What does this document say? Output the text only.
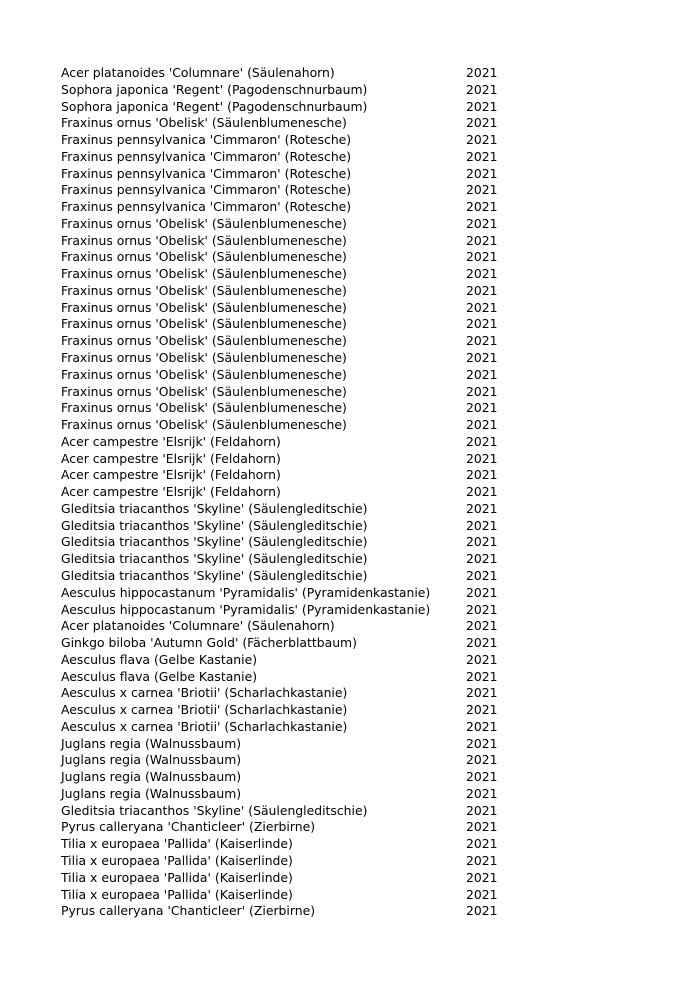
Acer platanoides 'Columnare' (Säulenahorn)	2021
Sophora japonica 'Regent' (Pagodenschnurbaum)	2021
Sophora japonica 'Regent' (Pagodenschnurbaum)	2021
Fraxinus ornus 'Obelisk' (Säulenblumenesche)	2021
Fraxinus pennsylvanica 'Cimmaron' (Rotesche)	2021
Fraxinus pennsylvanica 'Cimmaron' (Rotesche)	2021
Fraxinus pennsylvanica 'Cimmaron' (Rotesche)	2021
Fraxinus pennsylvanica 'Cimmaron' (Rotesche)	2021
Fraxinus pennsylvanica 'Cimmaron' (Rotesche)	2021
Fraxinus ornus 'Obelisk' (Säulenblumenesche)	2021
Fraxinus ornus 'Obelisk' (Säulenblumenesche)	2021
Fraxinus ornus 'Obelisk' (Säulenblumenesche)	2021
Fraxinus ornus 'Obelisk' (Säulenblumenesche)	2021
Fraxinus ornus 'Obelisk' (Säulenblumenesche)	2021
Fraxinus ornus 'Obelisk' (Säulenblumenesche)	2021
Fraxinus ornus 'Obelisk' (Säulenblumenesche)	2021
Fraxinus ornus 'Obelisk' (Säulenblumenesche)	2021
Fraxinus ornus 'Obelisk' (Säulenblumenesche)	2021
Fraxinus ornus 'Obelisk' (Säulenblumenesche)	2021
Fraxinus ornus 'Obelisk' (Säulenblumenesche)	2021
Fraxinus ornus 'Obelisk' (Säulenblumenesche)	2021
Fraxinus ornus 'Obelisk' (Säulenblumenesche)	2021
Acer campestre 'Elsrijk' (Feldahorn)	2021
Acer campestre 'Elsrijk' (Feldahorn)	2021
Acer campestre 'Elsrijk' (Feldahorn)	2021
Acer campestre 'Elsrijk' (Feldahorn)	2021
Gleditsia triacanthos 'Skyline' (Säulengleditschie)	2021
Gleditsia triacanthos 'Skyline' (Säulengleditschie)	2021
Gleditsia triacanthos 'Skyline' (Säulengleditschie)	2021
Gleditsia triacanthos 'Skyline' (Säulengleditschie)	2021
Gleditsia triacanthos 'Skyline' (Säulengleditschie)	2021
Aesculus hippocastanum 'Pyramidalis' (Pyramidenkastanie)	2021
Aesculus hippocastanum 'Pyramidalis' (Pyramidenkastanie)	2021
Acer platanoides 'Columnare' (Säulenahorn)	2021
Ginkgo biloba 'Autumn Gold' (Fächerblattbaum)	2021
Aesculus flava (Gelbe Kastanie)	2021
Aesculus flava (Gelbe Kastanie)	2021
Aesculus x carnea 'Briotii' (Scharlachkastanie)	2021
Aesculus x carnea 'Briotii' (Scharlachkastanie)	2021
Aesculus x carnea 'Briotii' (Scharlachkastanie)	2021
Juglans regia (Walnussbaum)	2021
Juglans regia (Walnussbaum)	2021
Juglans regia (Walnussbaum)	2021
Juglans regia (Walnussbaum)	2021
Gleditsia triacanthos 'Skyline' (Säulengleditschie)	2021
Pyrus calleryana 'Chanticleer' (Zierbirne)	2021
Tilia x europaea 'Pallida' (Kaiserlinde)	2021
Tilia x europaea 'Pallida' (Kaiserlinde)	2021
Tilia x europaea 'Pallida' (Kaiserlinde)	2021
Tilia x europaea 'Pallida' (Kaiserlinde)	2021
Pyrus calleryana 'Chanticleer' (Zierbirne)	2021
